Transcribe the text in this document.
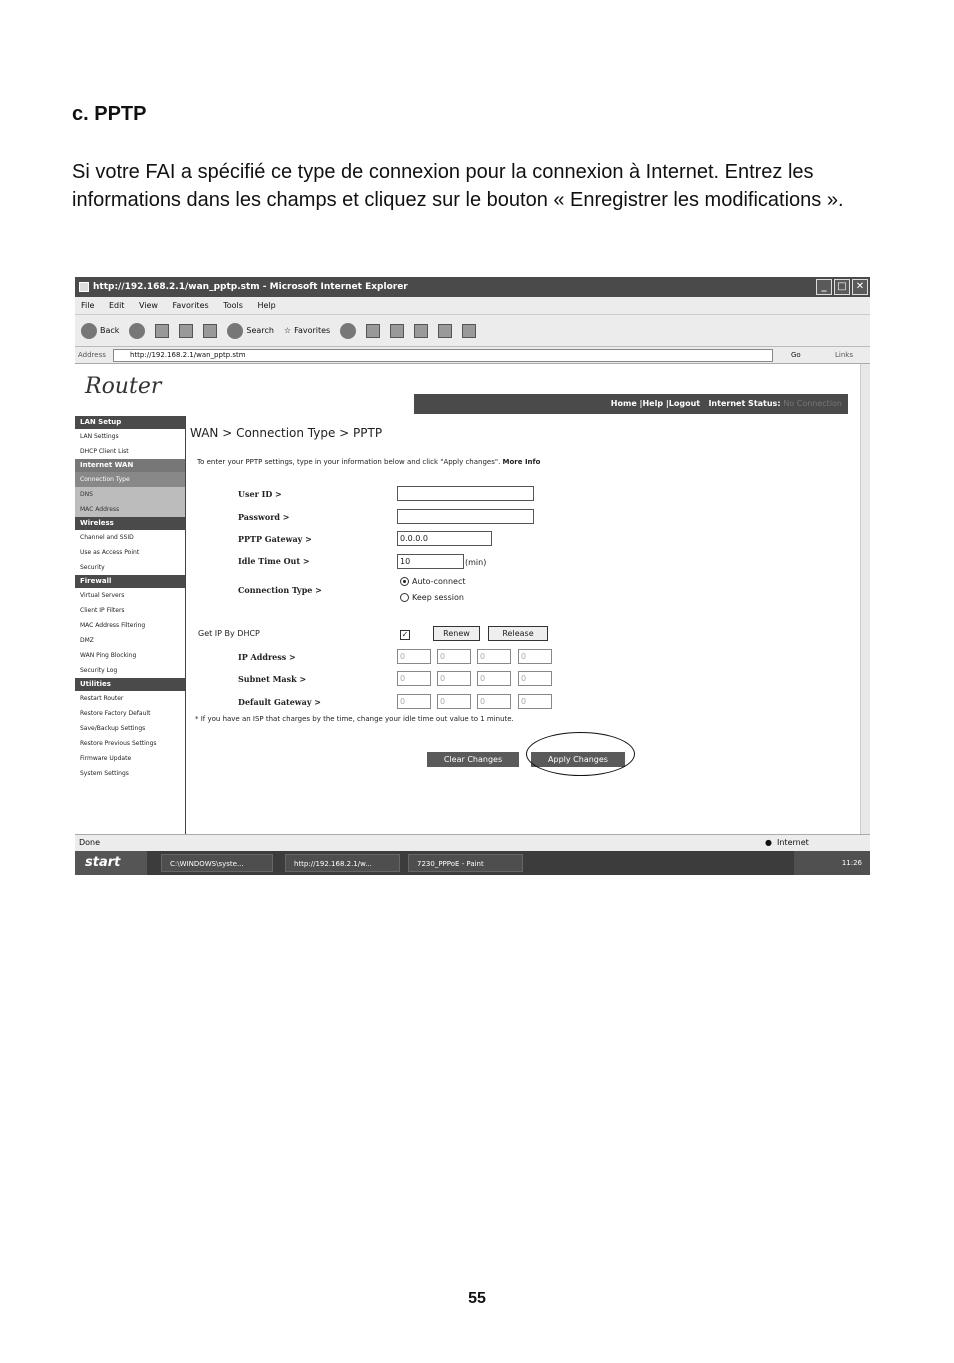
c. PPTP
Si votre FAI a spécifié ce type de connexion pour la connexion à Internet. Entrez les informations dans les champs et cliquez sur le bouton « Enregistrer les modifications ».
http://192.168.2.1/wan_pptp.stm - Microsoft Internet Explorer	_	□ ✕
File Edit View Favorites Tools Help
Back	Search ☆ Favorites
Address	http://192.168.2.1/wan_pptp.stm	Go	Links
Router
Home |Help |Logout Internet Status: No Connection
LAN Setup
LAN Settings
DHCP Client List
Internet WAN
Connection Type
DNS
MAC Address
Wireless
Channel and SSID
Use as Access Point
Security
Firewall
Virtual Servers
Client IP Filters
MAC Address Filtering
DMZ
WAN Ping Blocking
Security Log
Utilities
Restart Router
Restore Factory Default
Save/Backup Settings
Restore Previous Settings
Firmware Update
System Settings
WAN > Connection Type > PPTP
To enter your PPTP settings, type in your information below and click "Apply changes". More Info
User ID >
Password >
PPTP Gateway >	0.0.0.0
Idle Time Out >	10	(min)
Connection Type >
Auto-connect
Keep session
Get IP By DHCP	✓	Renew	Release
IP Address >	0	0	0	0
Subnet Mask >	0	0	0	0
Default Gateway >	0	0	0	0
* If you have an ISP that charges by the time, change your idle time out value to 1 minute.
Clear Changes	Apply Changes
Done	● Internet
start	C:\WINDOWS\syste...	http://192.168.2.1/w...	7230_PPPoE - Paint	11:26
55
